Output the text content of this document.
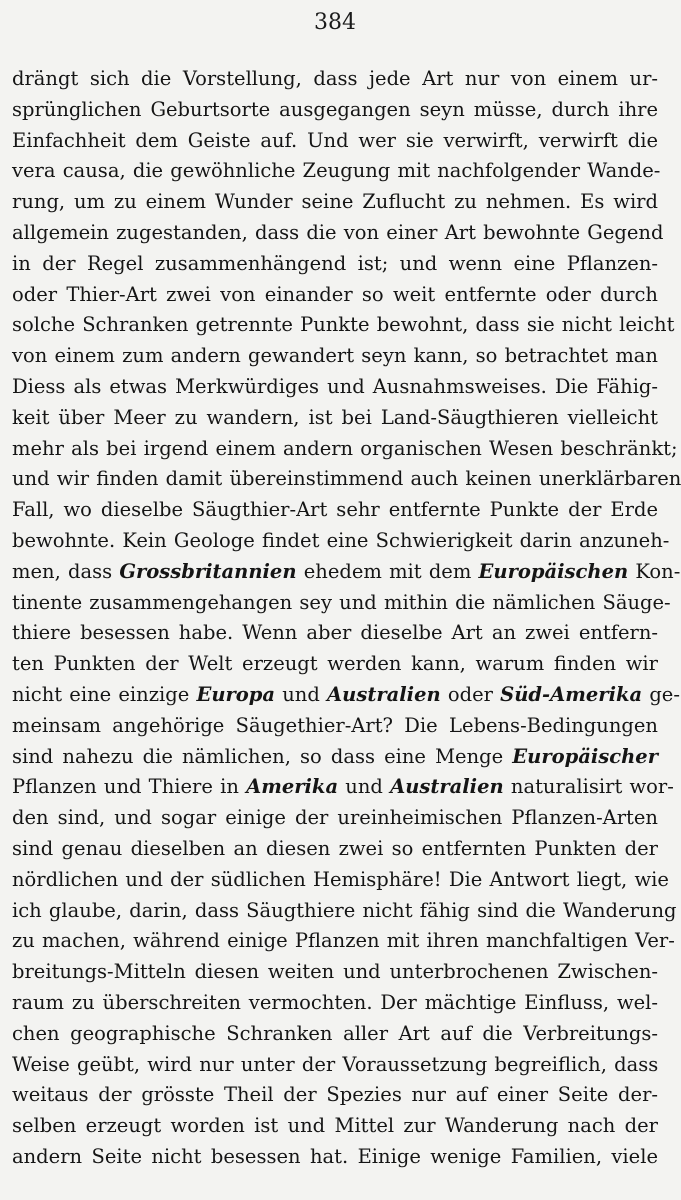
384
drängt sich die Vorstellung, dass jede Art nur von einem ur-
sprünglichen Geburtsorte ausgegangen seyn müsse, durch ihre
Einfachheit dem Geiste auf. Und wer sie verwirft, verwirft die
vera causa, die gewöhnliche Zeugung mit nachfolgender Wande-
rung, um zu einem Wunder seine Zuflucht zu nehmen. Es wird
allgemein zugestanden, dass die von einer Art bewohnte Gegend
in der Regel zusammenhängend ist; und wenn eine Pflanzen-
oder Thier-Art zwei von einander so weit entfernte oder durch
solche Schranken getrennte Punkte bewohnt, dass sie nicht leicht
von einem zum andern gewandert seyn kann, so betrachtet man
Diess als etwas Merkwürdiges und Ausnahmsweises. Die Fähig-
keit über Meer zu wandern, ist bei Land-Säugthieren vielleicht
mehr als bei irgend einem andern organischen Wesen beschränkt;
und wir finden damit übereinstimmend auch keinen unerklärbaren
Fall, wo dieselbe Säugthier-Art sehr entfernte Punkte der Erde
bewohnte. Kein Geologe findet eine Schwierigkeit darin anzuneh-
men, dass Grossbritannien ehedem mit dem Europäischen Kon-
tinente zusammengehangen sey und mithin die nämlichen Säuge-
thiere besessen habe. Wenn aber dieselbe Art an zwei entfern-
ten Punkten der Welt erzeugt werden kann, warum finden wir
nicht eine einzige Europa und Australien oder Süd-Amerika ge-
meinsam angehörige Säugethier-Art? Die Lebens-Bedingungen
sind nahezu die nämlichen, so dass eine Menge Europäischer
Pflanzen und Thiere in Amerika und Australien naturalisirt wor-
den sind, und sogar einige der ureinheimischen Pflanzen-Arten
sind genau dieselben an diesen zwei so entfernten Punkten der
nördlichen und der südlichen Hemisphäre! Die Antwort liegt, wie
ich glaube, darin, dass Säugthiere nicht fähig sind die Wanderung
zu machen, während einige Pflanzen mit ihren manchfaltigen Ver-
breitungs-Mitteln diesen weiten und unterbrochenen Zwischen-
raum zu überschreiten vermochten. Der mächtige Einfluss, wel-
chen geographische Schranken aller Art auf die Verbreitungs-
Weise geübt, wird nur unter der Voraussetzung begreiflich, dass
weitaus der grösste Theil der Spezies nur auf einer Seite der-
selben erzeugt worden ist und Mittel zur Wanderung nach der
andern Seite nicht besessen hat. Einige wenige Familien, viele
